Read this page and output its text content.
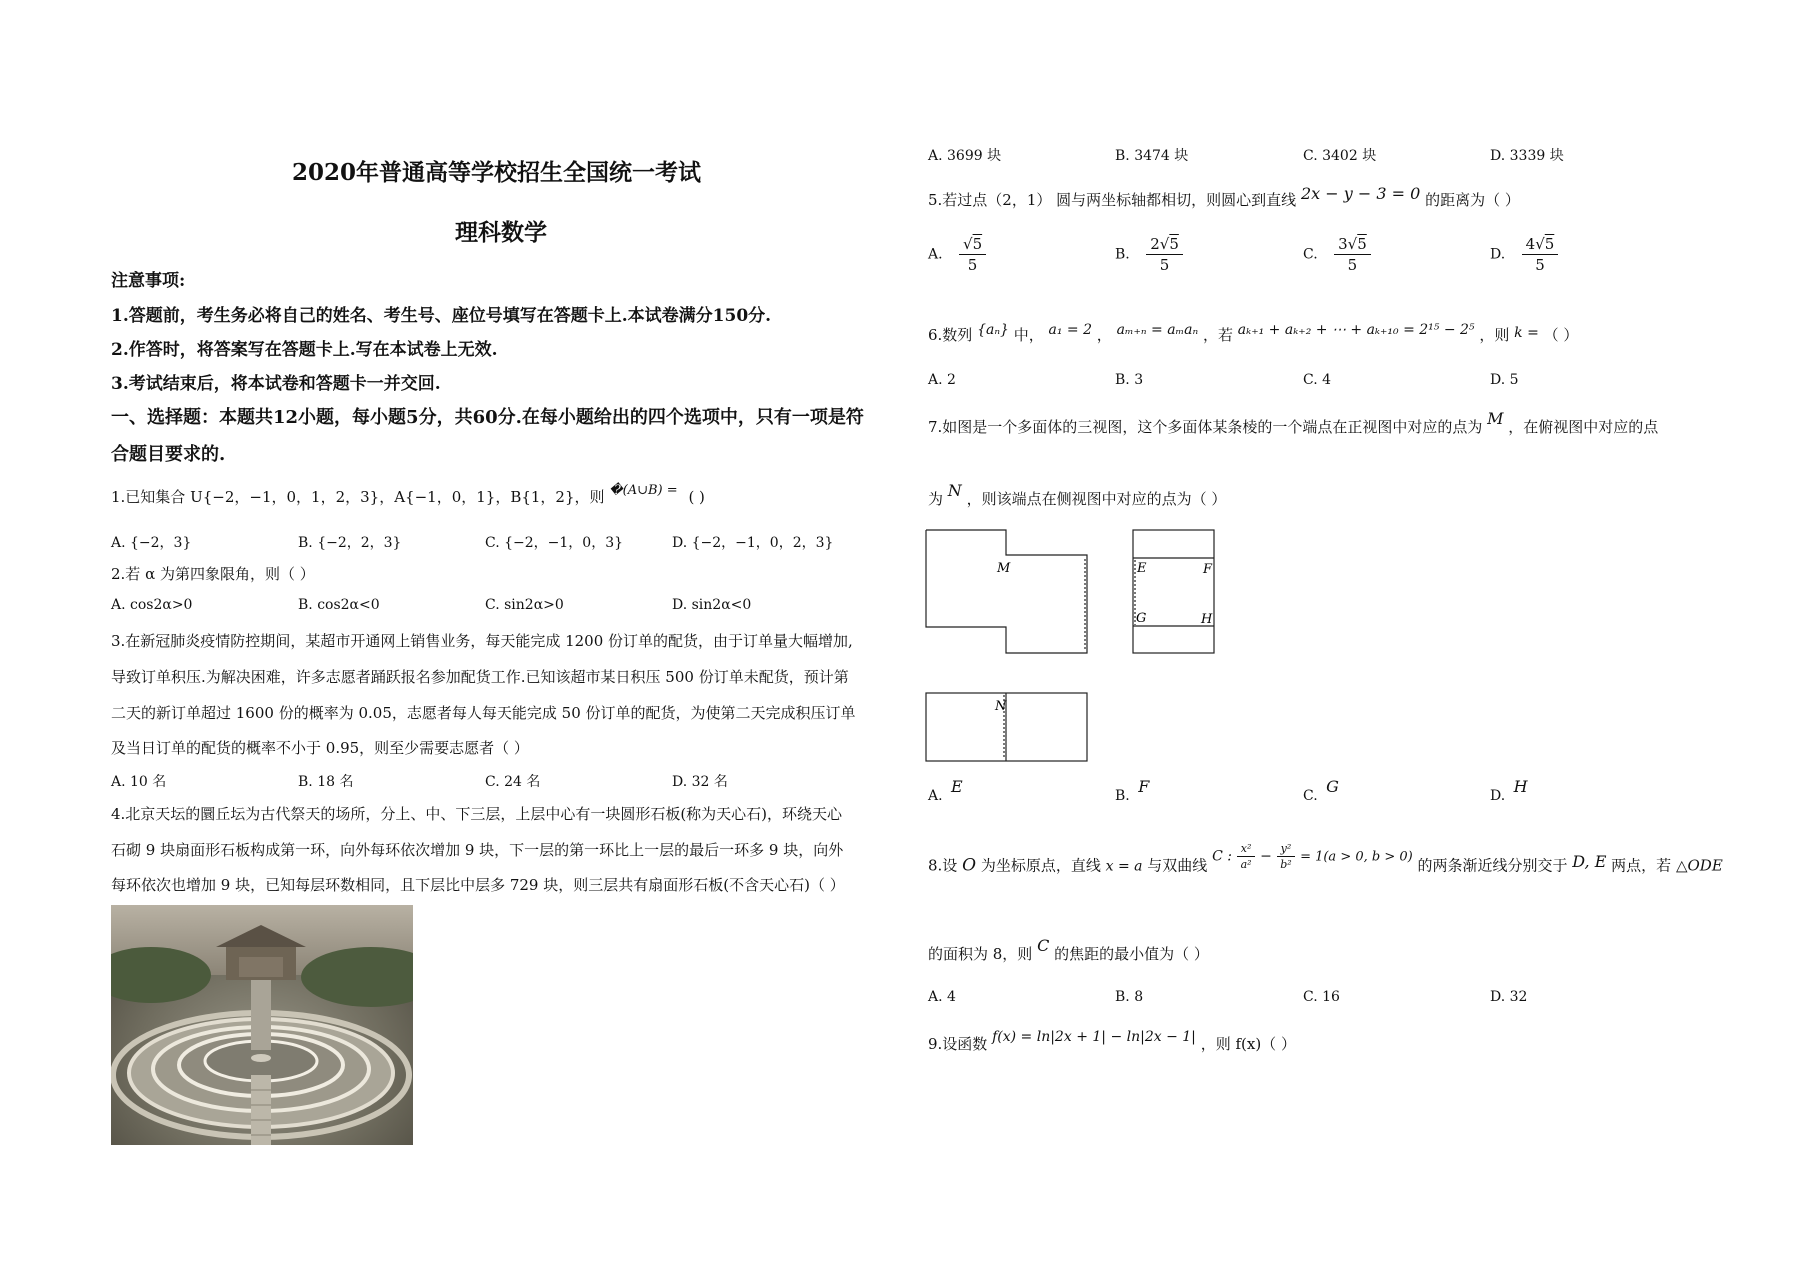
2020年普通高等学校招生全国统一考试
理科数学
注意事项:
1.答题前，考生务必将自己的姓名、考生号、座位号填写在答题卡上.本试卷满分150分.
2.作答时，将答案写在答题卡上.写在本试卷上无效.
3.考试结束后，将本试卷和答题卡一并交回.
一、选择题：本题共12小题，每小题5分，共60分.在每小题给出的四个选项中，只有一项是符
合题目要求的.
1.已知集合 U{−2，−1，0，1，2，3}，A{−1，0，1}，B{1，2}，则 �(A∪B) = ( )
A. {−2，3}	B. {−2，2，3}	C. {−2，−1，0，3}	D. {−2，−1，0，2，3}
2.若 α 为第四象限角，则（ ）
A. cos2α>0	B. cos2α<0	C. sin2α>0	D. sin2α<0
3.在新冠肺炎疫情防控期间，某超市开通网上销售业务，每天能完成 1200 份订单的配货，由于订单量大幅增加,
导致订单积压.为解决困难，许多志愿者踊跃报名参加配货工作.已知该超市某日积压 500 份订单未配货，预计第
二天的新订单超过 1600 份的概率为 0.05，志愿者每人每天能完成 50 份订单的配货，为使第二天完成积压订单
及当日订单的配货的概率不小于 0.95，则至少需要志愿者（ ）
A. 10 名	B. 18 名	C. 24 名	D. 32 名
4.北京天坛的圜丘坛为古代祭天的场所，分上、中、下三层，上层中心有一块圆形石板(称为天心石)，环绕天心
石砌 9 块扇面形石板构成第一环，向外每环依次增加 9 块，下一层的第一环比上一层的最后一环多 9 块，向外
每环依次也增加 9 块，已知每层环数相同，且下层比中层多 729 块，则三层共有扇面形石板(不含天心石)（ ）
A. 3699 块	B. 3474 块	C. 3402 块	D. 3339 块
5.若过点（2，1） 圆与两坐标轴都相切，则圆心到直线 2x − y − 3 = 0 的距离为（ ）
A. $\frac{√5}{5}$	B. $\frac{2√5}{5}$	C. $\frac{3√5}{5}$	D. $\frac{4√5}{5}$
6.数列 {aₙ} 中， a₁ = 2 ， aₘ₊ₙ = aₘaₙ ，若 aₖ₊₁ + aₖ₊₂ + ⋯ + aₖ₊₁₀ = 2¹⁵ − 2⁵ ，则 k = （ ）
A. 2	B. 3	C. 4	D. 5
7.如图是一个多面体的三视图，这个多面体某条棱的一个端点在正视图中对应的点为 M ，在俯视图中对应的点
为 N ，则该端点在侧视图中对应的点为（ ）
M	E	F
G	H
N
A. E	B. F	C. G	D. H
8.设 O 为坐标原点，直线 x = a 与双曲线 C : $\frac{\text{x²}}{\text{a²}} - \frac{\text{y²}}{\text{b²}} = 1(a > 0$, b > 0) 的两条渐近线分别交于 D, E 两点，若 △ODE
的面积为 8，则 C 的焦距的最小值为（ ）
A. 4	B. 8	C. 16	D. 32
9.设函数 f(x) = ln|2x + 1| − ln|2x − 1| ，则 f(x)（ ）
